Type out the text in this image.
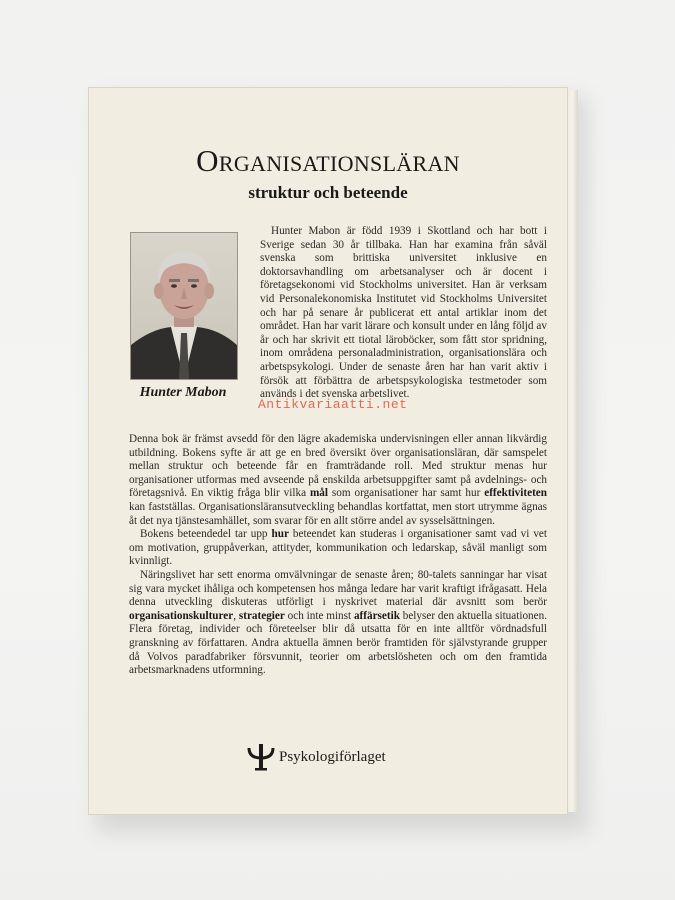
Organisationsläran
struktur och beteende
Hunter Mabon
Hunter Mabon är född 1939 i Skottland och har bott i Sverige sedan 30 år tillbaka. Han har examina från såväl svenska som brittiska universitet inklusive en doktorsavhandling om arbetsanalyser och är docent i företagsekonomi vid Stockholms universitet. Han är verksam vid Personalekonomiska Institutet vid Stockholms Universitet och har på senare år publicerat ett antal artiklar inom det området. Han har varit lärare och konsult under en lång följd av år och har skrivit ett tiotal läroböcker, som fått stor spridning, inom områdena personaladministration, organisationslära och arbetspsykologi. Under de senaste åren har han varit aktiv i försök att förbättra de arbetspsykologiska testmetoder som används i det svenska arbetslivet.

Denna bok är främst avsedd för den lägre akademiska undervisningen eller annan likvärdig utbildning. Bokens syfte är att ge en bred översikt över organisationsläran, där samspelet mellan struktur och beteende får en framträdande roll. Med struktur menas hur organisationer utformas med avseende på enskilda arbetsuppgifter samt på avdelnings- och företagsnivå. En viktig fråga blir vilka mål som organisationer har samt hur effektiviteten kan fastställas. Organisationsläransutveckling behandlas kortfattat, men stort utrymme ägnas åt det nya tjänstesamhället, som svarar för en allt större andel av sysselsättningen.

Bokens beteendedel tar upp hur beteendet kan studeras i organisationer samt vad vi vet om motivation, gruppåverkan, attityder, kommunikation och ledarskap, såväl manligt som kvinnligt.

Näringslivet har sett enorma omvälvningar de senaste åren; 80-talets sanningar har visat sig vara mycket ihåliga och kompetensen hos många ledare har varit kraftigt ifrågasatt. Hela denna utveckling diskuteras utförligt i nyskrivet material där avsnitt som berör organisationskulturer, strategier och inte minst affärsetik belyser den aktuella situationen. Flera företag, individer och företeelser blir då utsatta för en inte alltför vördnadsfull granskning av författaren. Andra aktuella ämnen berör framtiden för självstyrande grupper då Volvos paradfabriker försvunnit, teorier om arbetslösheten och om den framtida arbetsmarknadens utformning.

Psykologiförlaget
Antikvariaatti.net
